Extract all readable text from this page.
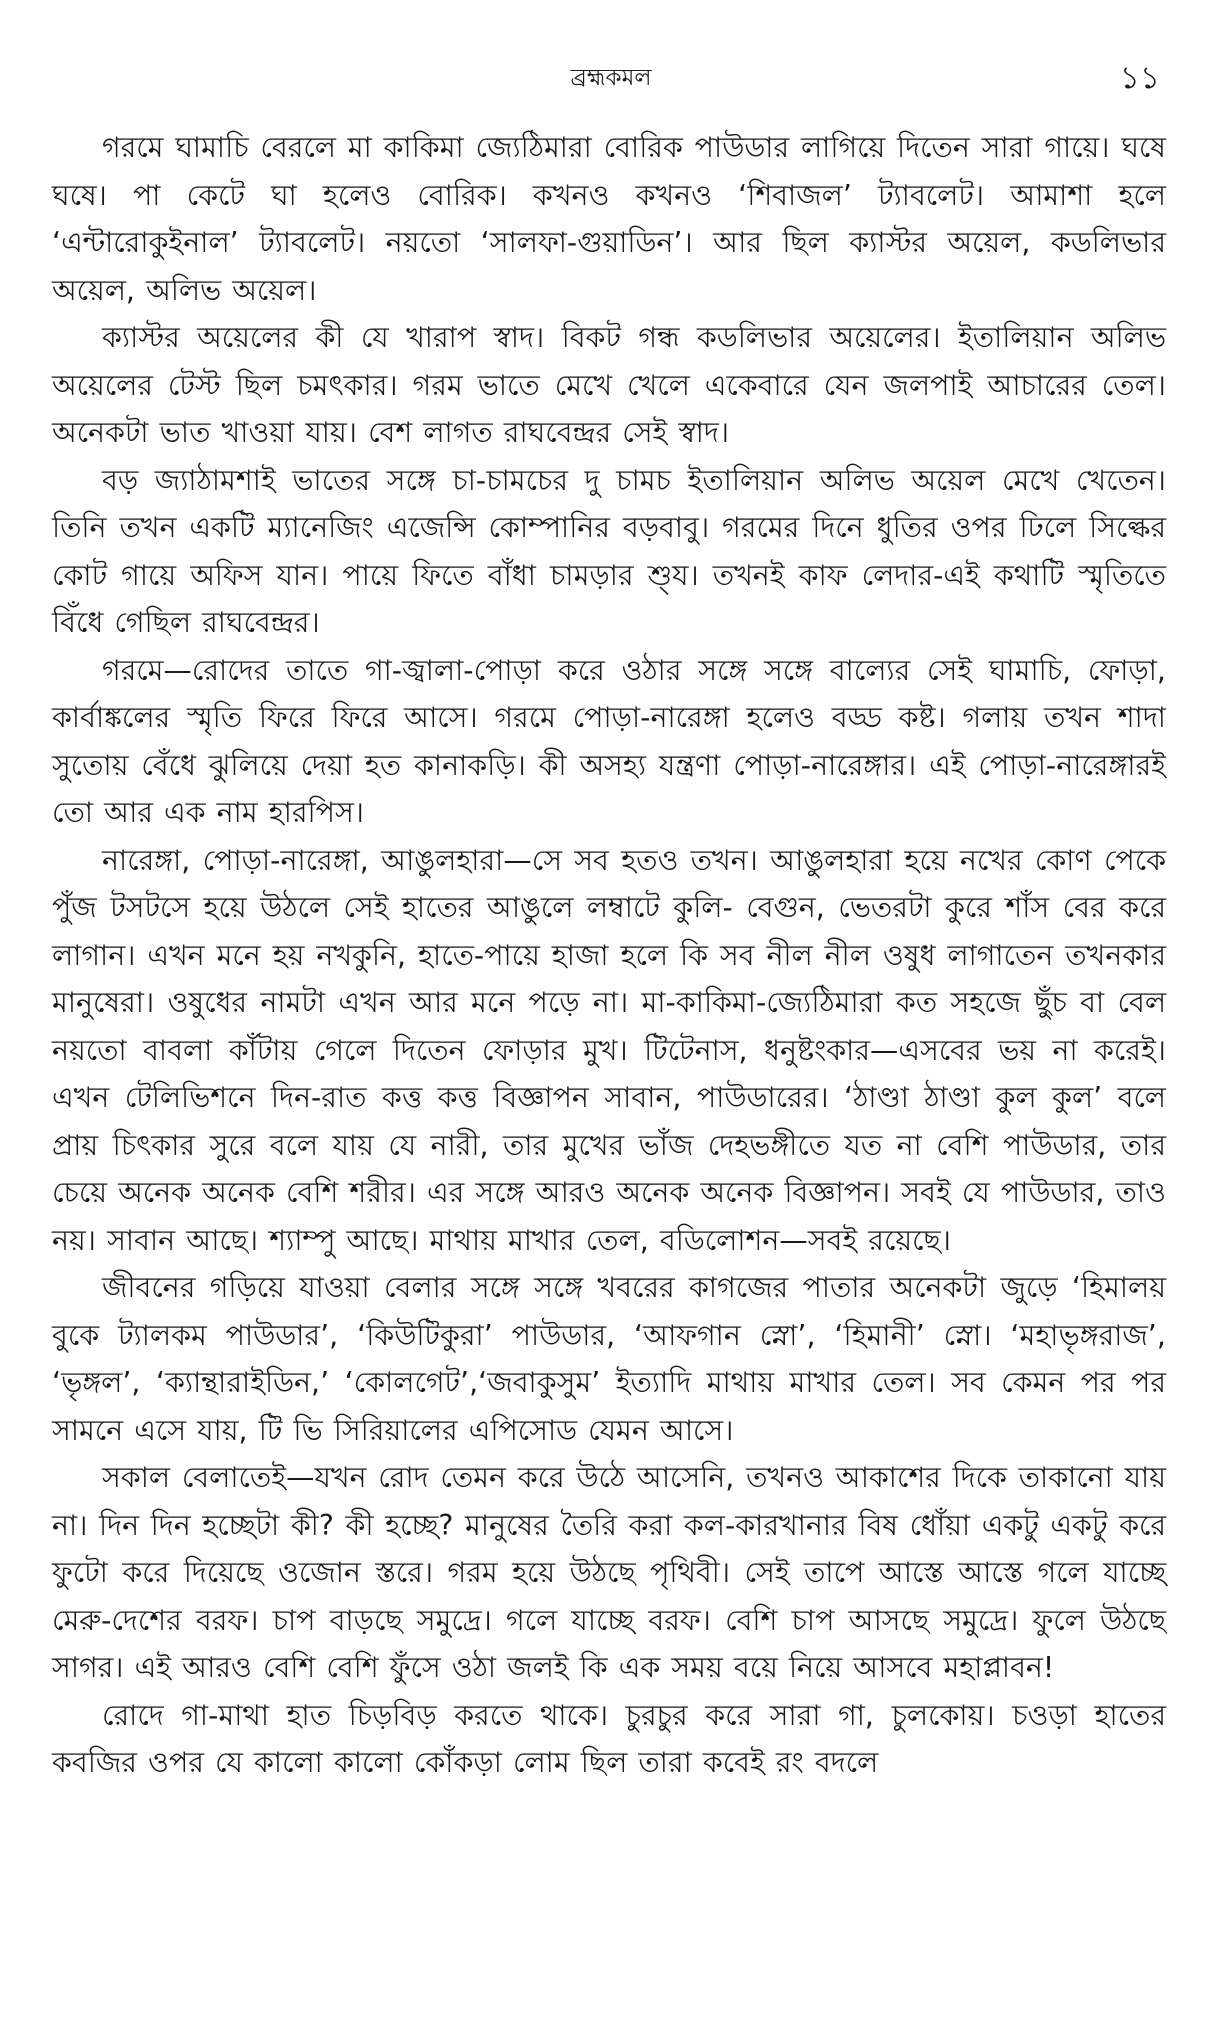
ব্রহ্মকমল	১১

গরমে ঘামাচি বেরলে মা কাকিমা জ্যেঠিমারা বোরিক পাউডার লাগিয়ে দিতেন সারা গায়ে। ঘষে ঘষে। পা কেটে ঘা হলেও বোরিক। কখনও কখনও ‘শিবাজল’ ট্যাবলেট। আমাশা হলে ‘এন্টারোকুইনাল’ ট্যাবলেট। নয়তো ‘সালফা-গুয়াডিন’। আর ছিল ক্যাস্টর অয়েল, কডলিভার অয়েল, অলিভ অয়েল।

ক্যাস্টর অয়েলের কী যে খারাপ স্বাদ। বিকট গন্ধ কডলিভার অয়েলের। ইতালিয়ান অলিভ অয়েলের টেস্ট ছিল চমৎকার। গরম ভাতে মেখে খেলে একেবারে যেন জলপাই আচারের তেল। অনেকটা ভাত খাওয়া যায়। বেশ লাগত রাঘবেন্দ্রর সেই স্বাদ।

বড় জ্যাঠামশাই ভাতের সঙ্গে চা-চামচের দু চামচ ইতালিয়ান অলিভ অয়েল মেখে খেতেন। তিনি তখন একটি ম্যানেজিং এজেন্সি কোম্পানির বড়বাবু। গরমের দিনে ধুতির ওপর ঢিলে সিল্কের কোট গায়ে অফিস যান। পায়ে ফিতে বাঁধা চামড়ার শু্য। তখনই কাফ লেদার-এই কথাটি স্মৃতিতে বিঁধে গেছিল রাঘবেন্দ্রর।

গরমে—রোদের তাতে গা-জ্বালা-পোড়া করে ওঠার সঙ্গে সঙ্গে বাল্যের সেই ঘামাচি, ফোড়া, কার্বাঙ্কলের স্মৃতি ফিরে ফিরে আসে। গরমে পোড়া-নারেঙ্গা হলেও বড্ড কষ্ট। গলায় তখন শাদা সুতোয় বেঁধে ঝুলিয়ে দেয়া হত কানাকড়ি। কী অসহ্য যন্ত্রণা পোড়া-নারেঙ্গার। এই পোড়া-নারেঙ্গারই তো আর এক নাম হারপিস।

নারেঙ্গা, পোড়া-নারেঙ্গা, আঙুলহারা—সে সব হতও তখন। আঙুলহারা হয়ে নখের কোণ পেকে পুঁজ টসটসে হয়ে উঠলে সেই হাতের আঙুলে লম্বাটে কুলি- বেগুন, ভেতরটা কুরে শাঁস বের করে লাগান। এখন মনে হয় নখকুনি, হাতে-পায়ে হাজা হলে কি সব নীল নীল ওষুধ লাগাতেন তখনকার মানুষেরা। ওষুধের নামটা এখন আর মনে পড়ে না। মা-কাকিমা-জ্যেঠিমারা কত সহজে ছুঁচ বা বেল নয়তো বাবলা কাঁটায় গেলে দিতেন ফোড়ার মুখ। টিটেনাস, ধনুষ্টংকার—এসবের ভয় না করেই। এখন টেলিভিশনে দিন-রাত কত্ত কত্ত বিজ্ঞাপন সাবান, পাউডারের। ‘ঠাণ্ডা ঠাণ্ডা কুল কুল’ বলে প্রায় চিৎকার সুরে বলে যায় যে নারী, তার মুখের ভাঁজ দেহভঙ্গীতে যত না বেশি পাউডার, তার চেয়ে অনেক অনেক বেশি শরীর। এর সঙ্গে আরও অনেক অনেক বিজ্ঞাপন। সবই যে পাউডার, তাও নয়। সাবান আছে। শ্যাম্পু আছে। মাথায় মাখার তেল, বডিলোশন—সবই রয়েছে।

জীবনের গড়িয়ে যাওয়া বেলার সঙ্গে সঙ্গে খবরের কাগজের পাতার অনেকটা জুড়ে ‘হিমালয় বুকে ট্যালকম পাউডার’, ‘কিউটিকুরা’ পাউডার, ‘আফগান স্নো’, ‘হিমানী’ স্নো। ‘মহাভৃঙ্গরাজ’, ‘ভৃঙ্গল’, ‘ক্যান্থারাইডিন,’ ‘কোলগেট’,‘জবাকুসুম’ ইত্যাদি মাথায় মাখার তেল। সব কেমন পর পর সামনে এসে যায়, টি ভি সিরিয়ালের এপিসোড যেমন আসে।

সকাল বেলাতেই—যখন রোদ তেমন করে উঠে আসেনি, তখনও আকাশের দিকে তাকানো যায় না। দিন দিন হচ্ছেটা কী? কী হচ্ছে? মানুষের তৈরি করা কল-কারখানার বিষ ধোঁয়া একটু একটু করে ফুটো করে দিয়েছে ওজোন স্তরে। গরম হয়ে উঠছে পৃথিবী। সেই তাপে আস্তে আস্তে গলে যাচ্ছে মেরু-দেশের বরফ। চাপ বাড়ছে সমুদ্রে। গলে যাচ্ছে বরফ। বেশি চাপ আসছে সমুদ্রে। ফুলে উঠছে সাগর। এই আরও বেশি বেশি ফুঁসে ওঠা জলই কি এক সময় বয়ে নিয়ে আসবে মহাপ্লাবন!

রোদে গা-মাথা হাত চিড়বিড় করতে থাকে। চুরচুর করে সারা গা, চুলকোয়। চওড়া হাতের কবজির ওপর যে কালো কালো কোঁকড়া লোম ছিল তারা কবেই রং বদলে
